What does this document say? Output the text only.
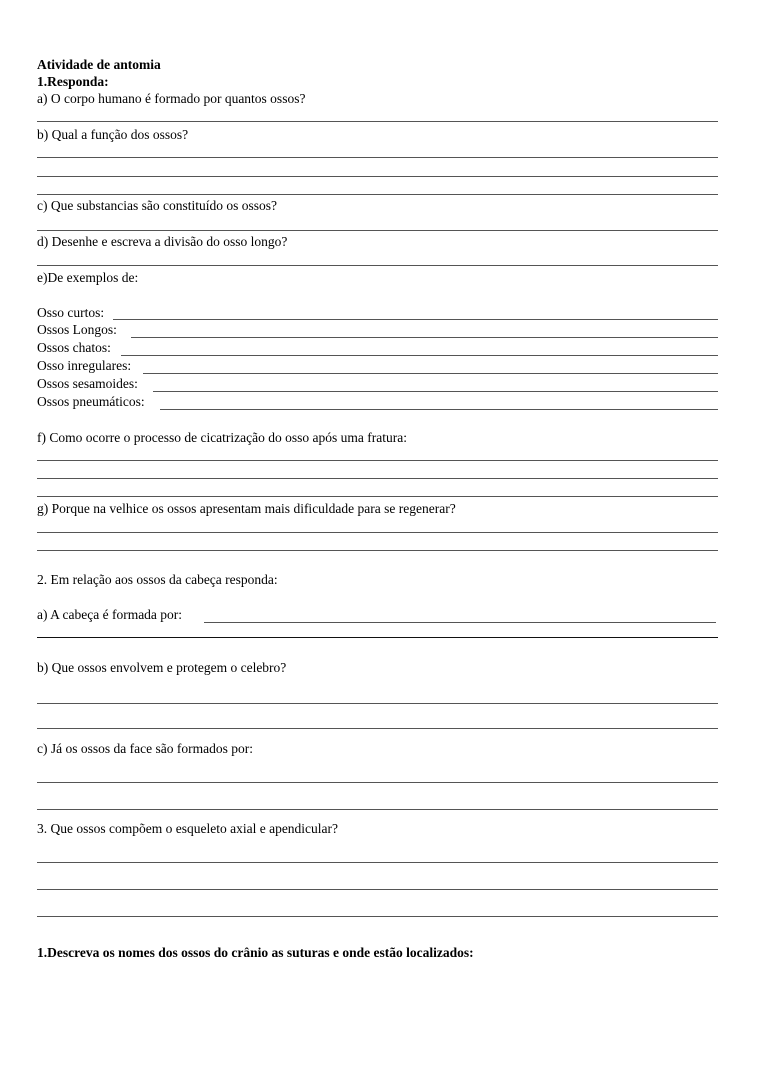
Atividade de antomia
1.Responda:
a) O corpo humano é formado por quantos ossos?
b) Qual a função dos ossos?
c) Que substancias são constituído os ossos?
d) Desenhe e escreva a divisão do osso longo?
e)De exemplos de:
Osso curtos:
Ossos Longos:
Ossos chatos:
Osso inregulares:
Ossos sesamoides:
Ossos pneumáticos:
f) Como ocorre o processo de cicatrização do osso após uma fratura:
g) Porque na velhice os ossos apresentam mais dificuldade para se regenerar?
2. Em relação aos ossos da cabeça responda:
a) A cabeça é formada por:
b) Que ossos envolvem e protegem o celebro?
c) Já os ossos da face são formados por:
3. Que ossos compõem o esqueleto axial e apendicular?
1.Descreva os nomes dos ossos do crânio as suturas e onde estão localizados:
